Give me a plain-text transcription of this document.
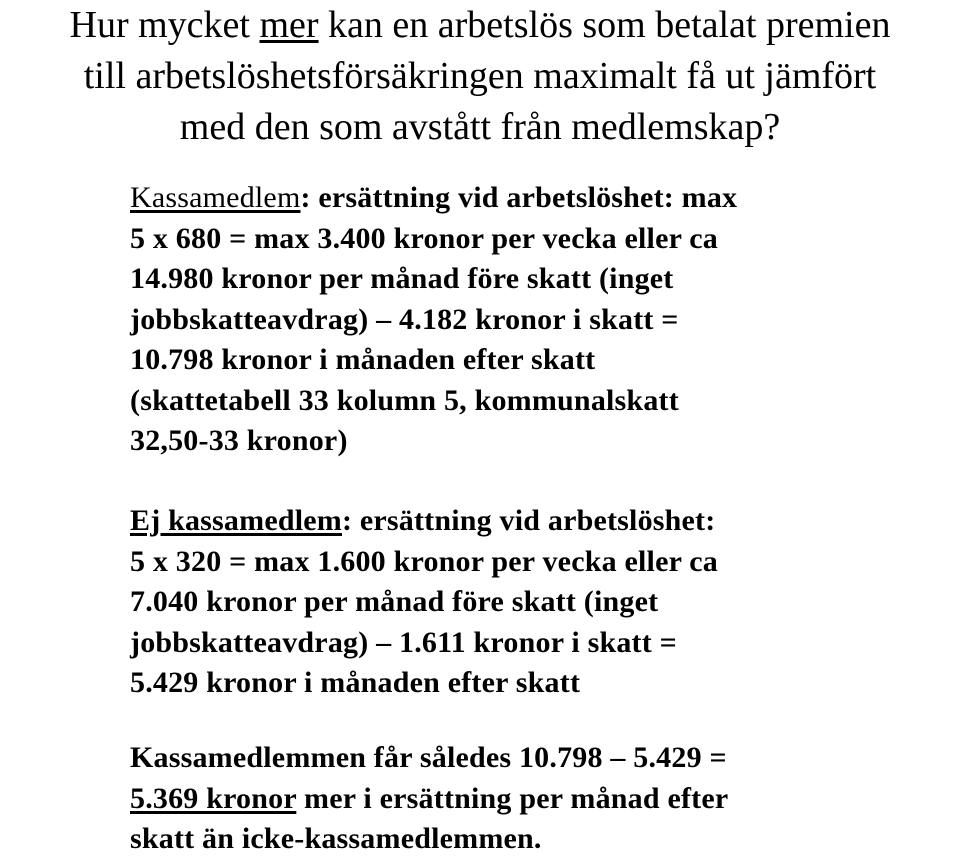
Hur mycket mer kan en arbetslös som betalat premien
till arbetslöshetsförsäkringen maximalt få ut jämfört
med den som avstått från medlemskap?
Kassamedlem: ersättning vid arbetslöshet: max
5 x 680 = max 3.400 kronor per vecka eller ca
14.980 kronor per månad före skatt (inget
jobbskatteavdrag) – 4.182 kronor i skatt =
10.798 kronor i månaden efter skatt
(skattetabell 33 kolumn 5, kommunalskatt
32,50-33 kronor)
Ej kassamedlem: ersättning vid arbetslöshet:
5 x 320 = max 1.600 kronor per vecka eller ca
7.040 kronor per månad före skatt (inget
jobbskatteavdrag) – 1.611 kronor i skatt =
5.429 kronor i månaden efter skatt
Kassamedlemmen får således 10.798 – 5.429 =
5.369 kronor mer i ersättning per månad efter
skatt än icke-kassamedlemmen.
